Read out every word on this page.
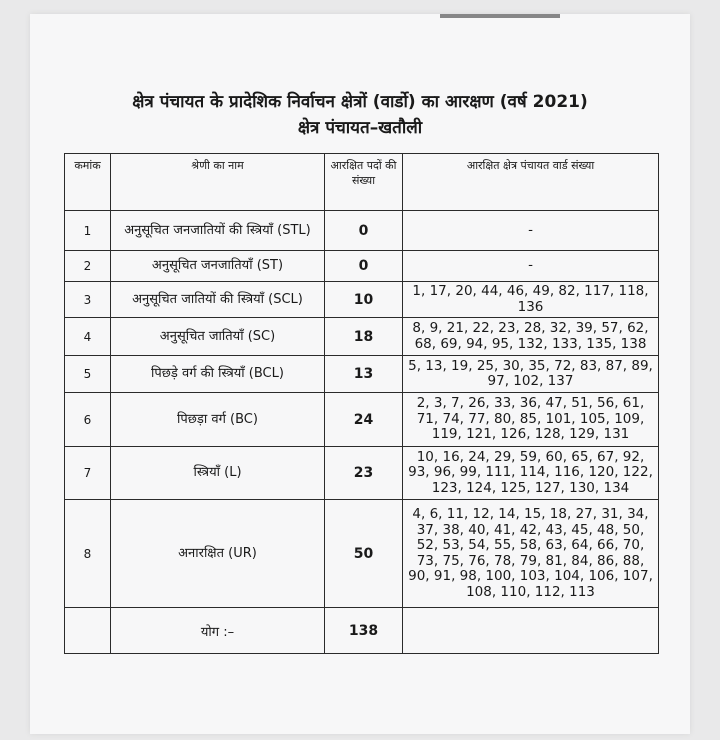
क्षेत्र पंचायत के प्रादेशिक निर्वाचन क्षेत्रों (वार्डो) का आरक्षण (वर्ष 2021)
क्षेत्र पंचायत–खतौली
कमांक	श्रेणी का नाम	आरक्षित पदों की संख्या	आरक्षित क्षेत्र पंचायत वार्ड संख्या
1	अनुसूचित जनजातियों की स्त्रियाँ (STL)	0	-
2	अनुसूचित जनजातियाँ (ST)	0	-
3	अनुसूचित जातियों की स्त्रियाँ (SCL)	10	1, 17, 20, 44, 46, 49, 82, 117, 118, 136
4	अनुसूचित जातियाँ (SC)	18	8, 9, 21, 22, 23, 28, 32, 39, 57, 62, 68, 69, 94, 95, 132, 133, 135, 138
5	पिछड़े वर्ग की स्त्रियाँ (BCL)	13	5, 13, 19, 25, 30, 35, 72, 83, 87, 89, 97, 102, 137
6	पिछड़ा वर्ग (BC)	24	2, 3, 7, 26, 33, 36, 47, 51, 56, 61, 71, 74, 77, 80, 85, 101, 105, 109, 119, 121, 126, 128, 129, 131
7	स्त्रियाँ (L)	23	10, 16, 24, 29, 59, 60, 65, 67, 92, 93, 96, 99, 111, 114, 116, 120, 122, 123, 124, 125, 127, 130, 134
8	अनारक्षित (UR)	50	4, 6, 11, 12, 14, 15, 18, 27, 31, 34, 37, 38, 40, 41, 42, 43, 45, 48, 50, 52, 53, 54, 55, 58, 63, 64, 66, 70, 73, 75, 76, 78, 79, 81, 84, 86, 88, 90, 91, 98, 100, 103, 104, 106, 107, 108, 110, 112, 113
	योग :–	138	
